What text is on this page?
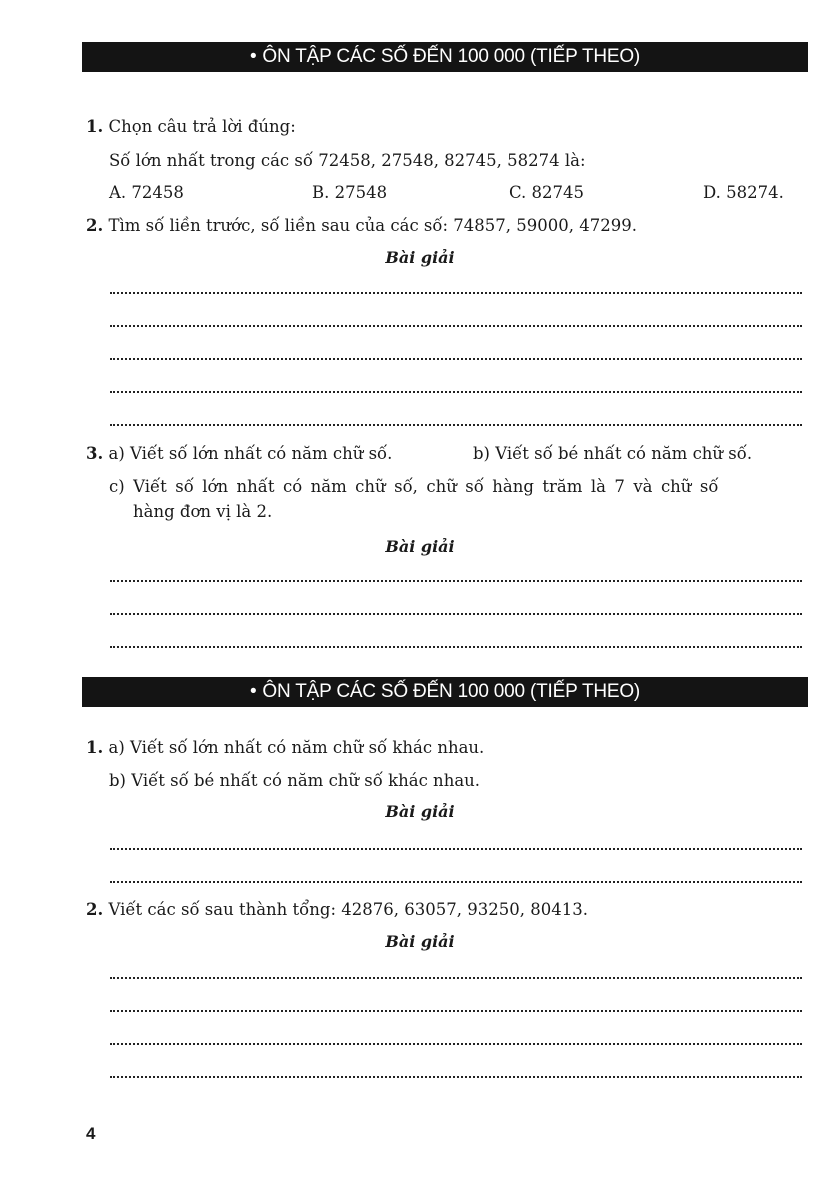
• ÔN TẬP CÁC SỐ ĐẾN 100 000 (TIẾP THEO)
1. Chọn câu trả lời đúng:
Số lớn nhất trong các số 72458, 27548, 82745, 58274 là:
A. 72458	B. 27548	C. 82745	D. 58274.
2. Tìm số liền trước, số liền sau của các số: 74857, 59000, 47299.
Bài giải
3. a) Viết số lớn nhất có năm chữ số.	b) Viết số bé nhất có năm chữ số.
c) Viết số lớn nhất có năm chữ số, chữ số hàng trăm là 7 và chữ số
hàng đơn vị là 2.
Bài giải
• ÔN TẬP CÁC SỐ ĐẾN 100 000 (TIẾP THEO)
1. a) Viết số lớn nhất có năm chữ số khác nhau.
b) Viết số bé nhất có năm chữ số khác nhau.
Bài giải
2. Viết các số sau thành tổng: 42876, 63057, 93250, 80413.
Bài giải
4
